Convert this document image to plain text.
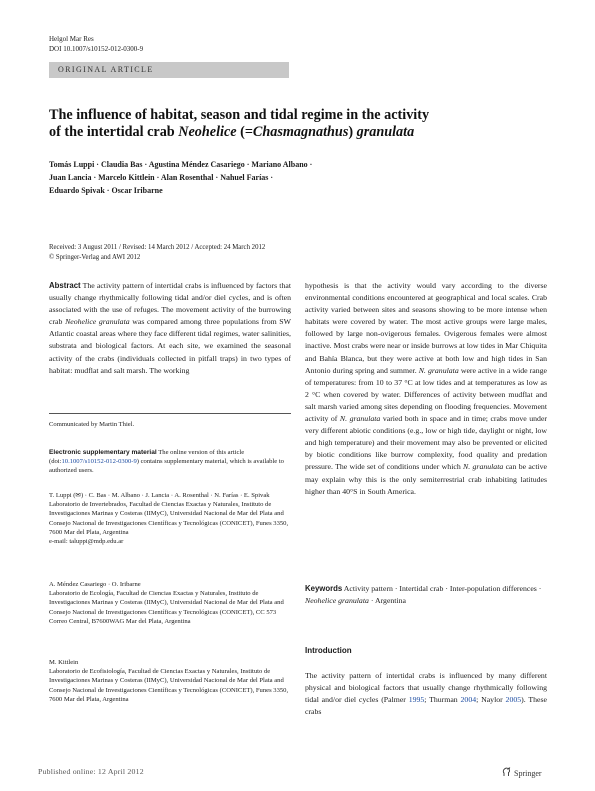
Helgol Mar Res
DOI 10.1007/s10152-012-0300-9
ORIGINAL ARTICLE
The influence of habitat, season and tidal regime in the activity
of the intertidal crab Neohelice (=Chasmagnathus) granulata
Tomás Luppi · Claudia Bas · Agustina Méndez Casariego · Mariano Albano ·
Juan Lancia · Marcelo Kittlein · Alan Rosenthal · Nahuel Farías ·
Eduardo Spivak · Oscar Iribarne
Received: 3 August 2011 / Revised: 14 March 2012 / Accepted: 24 March 2012
© Springer-Verlag and AWI 2012

Abstract The activity pattern of intertidal crabs is influenced by factors that usually change rhythmically following tidal and/or diel cycles, and is often associated with the use of refuges. The movement activity of the burrowing crab Neohelice granulata was compared among three populations from SW Atlantic coastal areas where they face different tidal regimes, water salinities, substrata and biological factors. At each site, we examined the seasonal activity of the crabs (individuals collected in pitfall traps) in two types of habitat: mudflat and salt marsh. The working

Communicated by Martin Thiel.

Electronic supplementary material The online version of this article (doi:10.1007/s10152-012-0300-9) contains supplementary material, which is available to authorized users.

T. Luppi (✉) · C. Bas · M. Albano · J. Lancia · A. Rosenthal · N. Farías · E. Spivak
Laboratorio de Invertebrados, Facultad de Ciencias Exactas y Naturales, Instituto de Investigaciones Marinas y Costeras (IIMyC), Universidad Nacional de Mar del Plata and Consejo Nacional de Investigaciones Científicas y Tecnológicas (CONICET), Funes 3350, 7600 Mar del Plata, Argentina
e-mail: taluppi@mdp.edu.ar
A. Méndez Casariego · O. Iribarne
Laboratorio de Ecología, Facultad de Ciencias Exactas y Naturales, Instituto de Investigaciones Marinas y Costeras (IIMyC), Universidad Nacional de Mar del Plata and Consejo Nacional de Investigaciones Científicas y Tecnológicas (CONICET), CC 573 Correo Central, B7600WAG Mar del Plata, Argentina
M. Kittlein
Laboratorio de Ecofisiología, Facultad de Ciencias Exactas y Naturales, Instituto de Investigaciones Marinas y Costeras (IIMyC), Universidad Nacional de Mar del Plata and Consejo Nacional de Investigaciones Científicas y Tecnológicas (CONICET), Funes 3350, 7600 Mar del Plata, Argentina

hypothesis is that the activity would vary according to the diverse environmental conditions encountered at geographical and local scales. Crab activity varied between sites and seasons showing to be more intense when habitats were covered by water. The most active groups were large males, followed by large non-ovigerous females. Ovigerous females were almost inactive. Most crabs were near or inside burrows at low tides in Mar Chiquita and Bahía Blanca, but they were active at both low and high tides in San Antonio during spring and summer. N. granulata were active in a wide range of temperatures: from 10 to 37 °C at low tides and at temperatures as low as 2 °C when covered by water. Differences of activity between mudflat and salt marsh varied among sites depending on flooding frequencies. Movement activity of N. granulata varied both in space and in time; crabs move under very different abiotic conditions (e.g., low or high tide, daylight or night, low and high temperature) and their movement may also be prevented or elicited by biotic conditions like burrow complexity, food quality and predation pressure. The wide set of conditions under which N. granulata can be active may explain why this is the only semiterrestrial crab inhabiting latitudes higher than 40°S in South America.

Keywords Activity pattern · Intertidal crab · Inter-population differences · Neohelice granulata · Argentina

Introduction

The activity pattern of intertidal crabs is influenced by many different physical and biological factors that usually change rhythmically following tidal and/or diel cycles (Palmer 1995; Thurman 2004; Naylor 2005). These crabs

Published online: 12 April 2012	Springer
